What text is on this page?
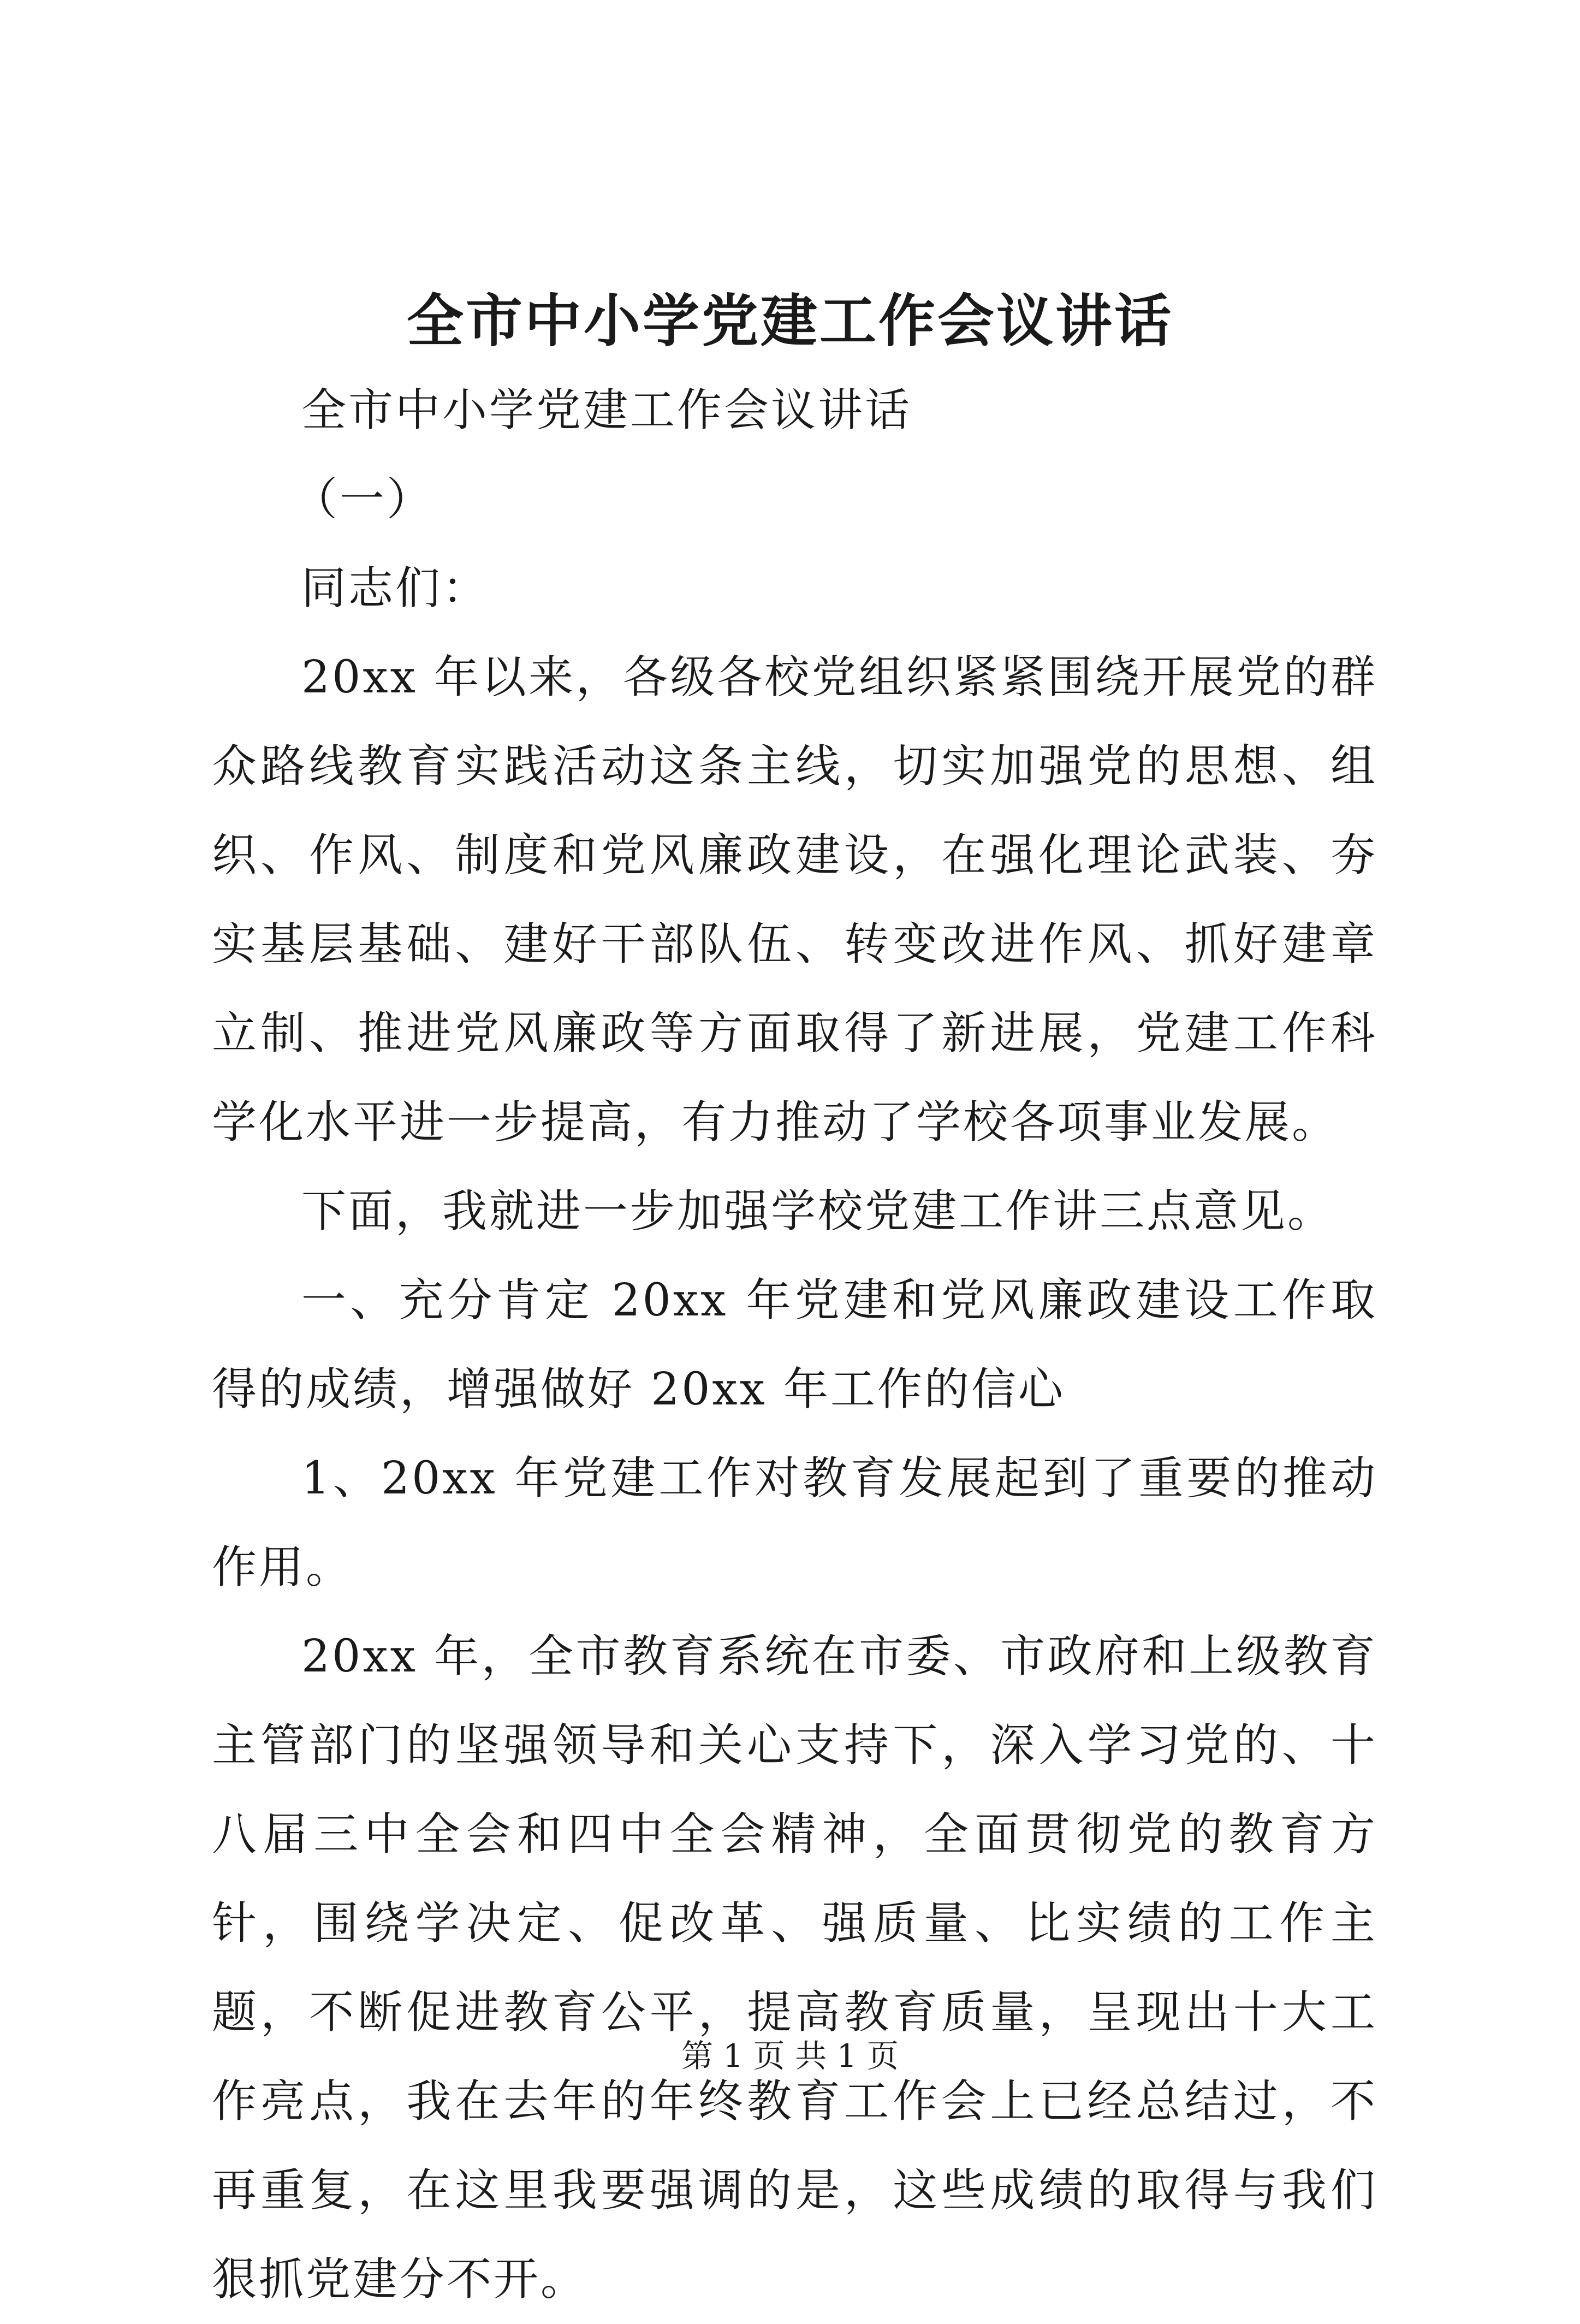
全市中小学党建工作会议讲话

全市中小学党建工作会议讲话

（一）

同志们：

20xx 年以来，各级各校党组织紧紧围绕开展党的群众路线教育实践活动这条主线，切实加强党的思想、组织、作风、制度和党风廉政建设，在强化理论武装、夯实基层基础、建好干部队伍、转变改进作风、抓好建章立制、推进党风廉政等方面取得了新进展，党建工作科学化水平进一步提高，有力推动了学校各项事业发展。

下面，我就进一步加强学校党建工作讲三点意见。

一、充分肯定 20xx 年党建和党风廉政建设工作取得的成绩，增强做好 20xx 年工作的信心

1、20xx 年党建工作对教育发展起到了重要的推动作用。

20xx 年，全市教育系统在市委、市政府和上级教育主管部门的坚强领导和关心支持下，深入学习党的、十八届三中全会和四中全会精神，全面贯彻党的教育方针，围绕学决定、促改革、强质量、比实绩的工作主题，不断促进教育公平，提高教育质量，呈现出十大工作亮点，我在去年的年终教育工作会上已经总结过，不再重复，在这里我要强调的是，这些成绩的取得与我们狠抓党建分不开。

第 1 页 共 1 页
